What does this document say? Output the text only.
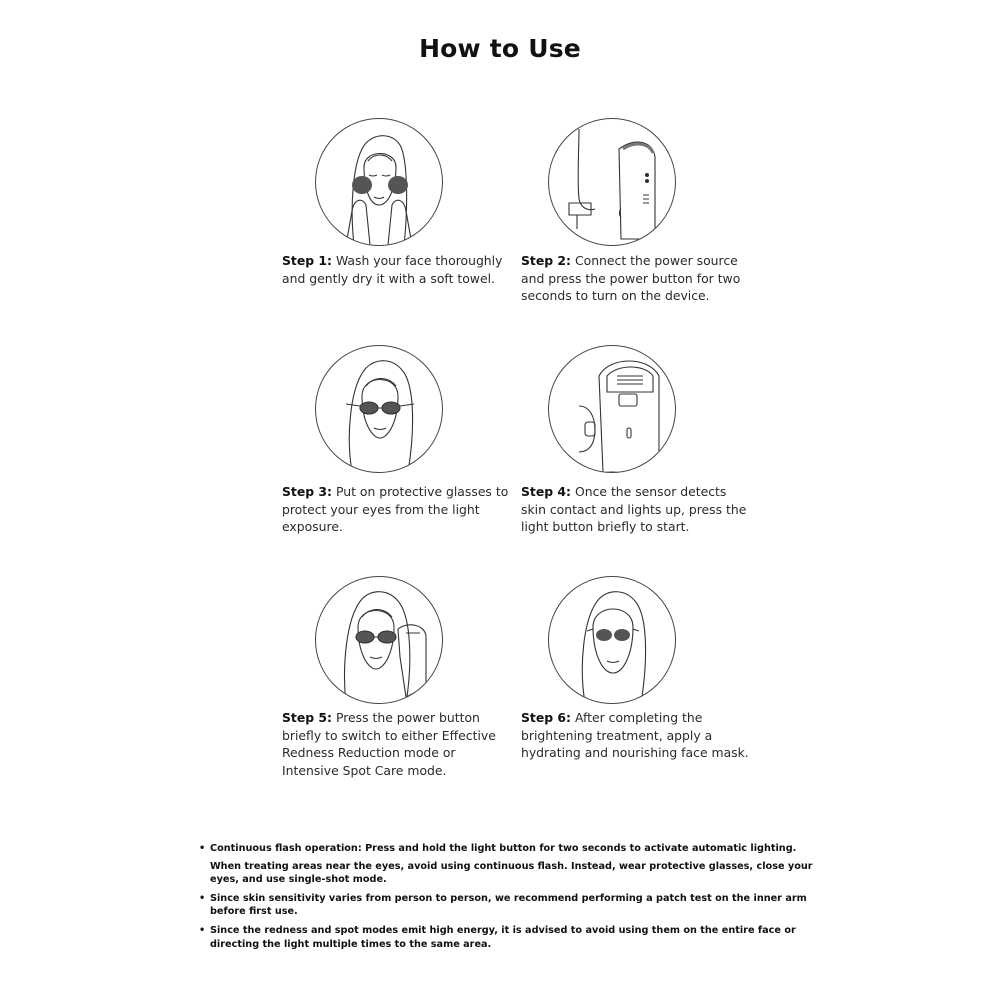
How to Use
Step 1: Wash your face thoroughly and gently dry it with a soft towel.
Step 2: Connect the power source and press the power button for two seconds to turn on the device.
Step 3: Put on protective glasses to protect your eyes from the light exposure.
Step 4: Once the sensor detects skin contact and lights up, press the light button briefly to start.
Step 5: Press the power button briefly to switch to either Effective Redness Reduction mode or Intensive Spot Care mode.
Step 6: After completing the brightening treatment, apply a hydrating and nourishing face mask.
• Continuous flash operation: Press and hold the light button for two seconds to activate automatic lighting.
When treating areas near the eyes, avoid using continuous flash. Instead, wear protective glasses, close your eyes, and use single-shot mode.
• Since skin sensitivity varies from person to person, we recommend performing a patch test on the inner arm before first use.
• Since the redness and spot modes emit high energy, it is advised to avoid using them on the entire face or directing the light multiple times to the same area.
